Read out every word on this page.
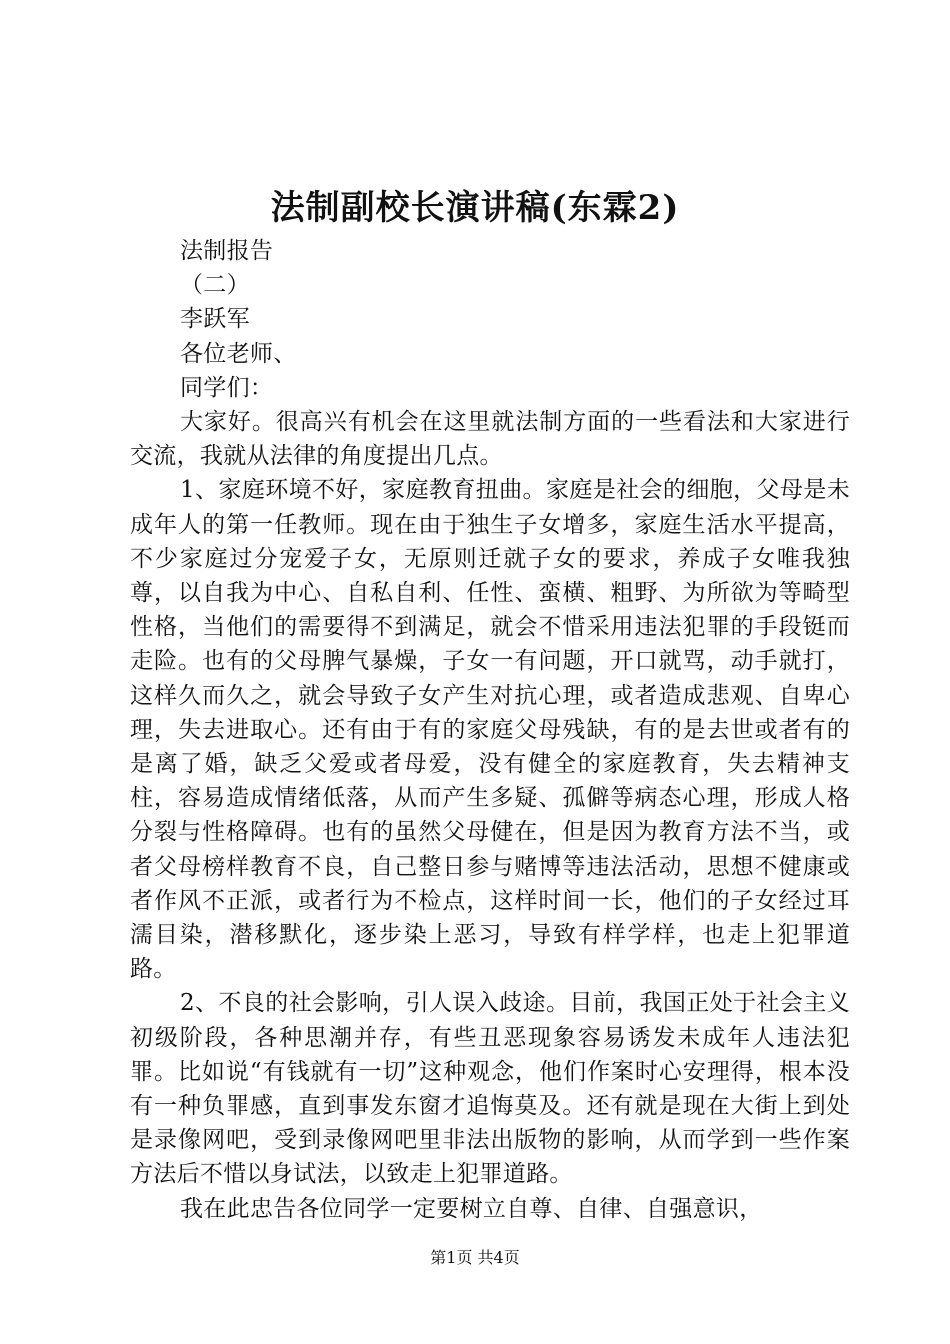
法制副校长演讲稿(东霖2)

法制报告

（二）

李跃军

各位老师、

同学们：

大家好。很高兴有机会在这里就法制方面的一些看法和大家进行交流，我就从法律的角度提出几点。

1、家庭环境不好，家庭教育扭曲。家庭是社会的细胞，父母是未成年人的第一任教师。现在由于独生子女增多，家庭生活水平提高，不少家庭过分宠爱子女，无原则迁就子女的要求，养成子女唯我独尊，以自我为中心、自私自利、任性、蛮横、粗野、为所欲为等畸型性格，当他们的需要得不到满足，就会不惜采用违法犯罪的手段铤而走险。也有的父母脾气暴燥，子女一有问题，开口就骂，动手就打，这样久而久之，就会导致子女产生对抗心理，或者造成悲观、自卑心理，失去进取心。还有由于有的家庭父母残缺，有的是去世或者有的是离了婚，缺乏父爱或者母爱，没有健全的家庭教育，失去精神支柱，容易造成情绪低落，从而产生多疑、孤僻等病态心理，形成人格分裂与性格障碍。也有的虽然父母健在，但是因为教育方法不当，或者父母榜样教育不良，自己整日参与赌博等违法活动，思想不健康或者作风不正派，或者行为不检点，这样时间一长，他们的子女经过耳濡目染，潜移默化，逐步染上恶习，导致有样学样，也走上犯罪道路。

2、不良的社会影响，引人误入歧途。目前，我国正处于社会主义初级阶段，各种思潮并存，有些丑恶现象容易诱发未成年人违法犯罪。比如说“有钱就有一切”这种观念，他们作案时心安理得，根本没有一种负罪感，直到事发东窗才追悔莫及。还有就是现在大街上到处是录像网吧，受到录像网吧里非法出版物的影响，从而学到一些作案方法后不惜以身试法，以致走上犯罪道路。

我在此忠告各位同学一定要树立自尊、自律、自强意识，

第1页 共4页
